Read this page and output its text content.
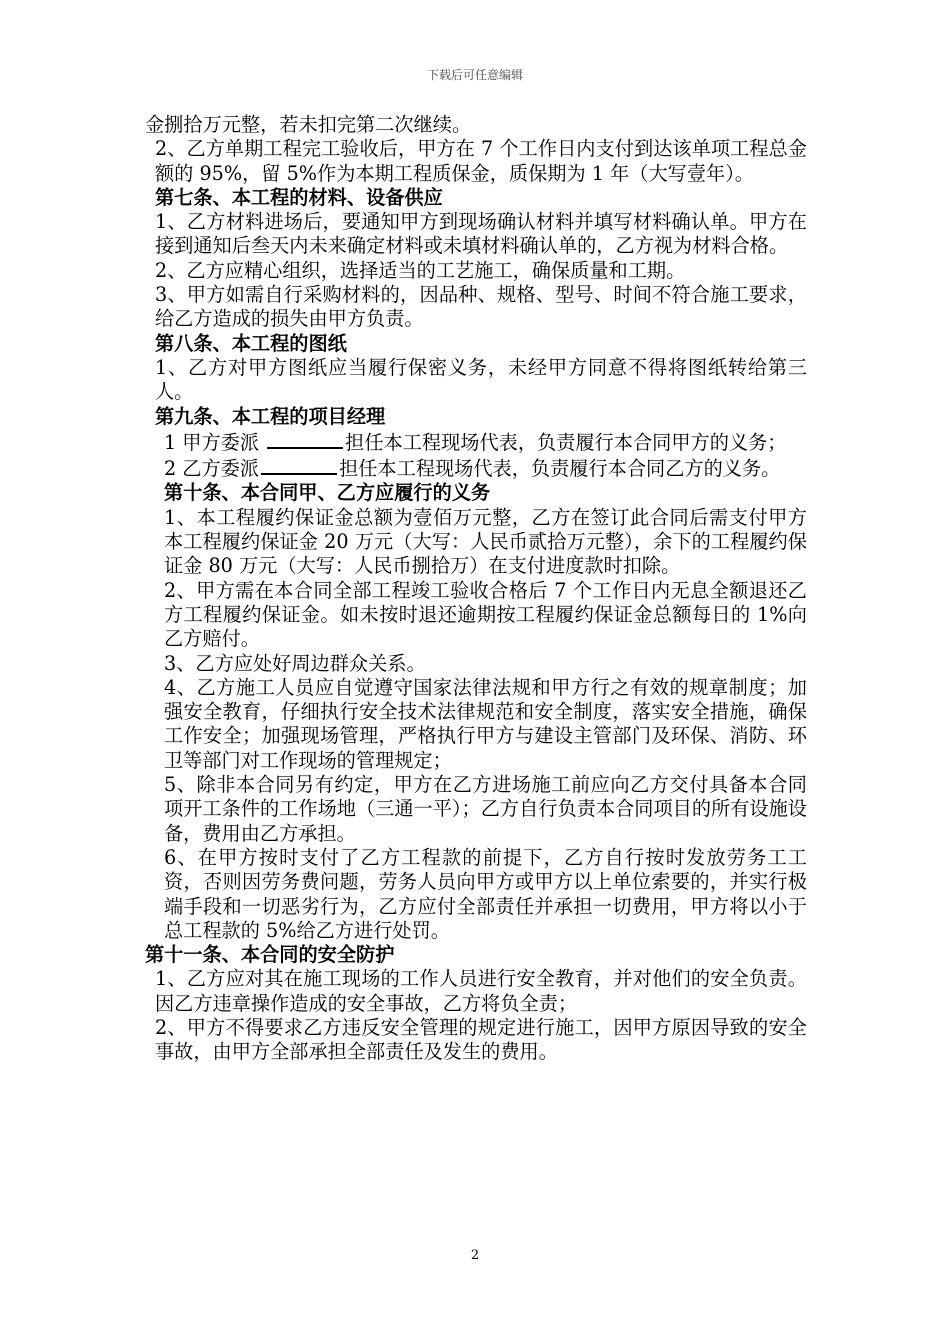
下载后可任意编辑

金捌拾万元整，若未扣完第二次继续。

2、乙方单期工程完工验收后，甲方在 7 个工作日内支付到达该单项工程总金额的 95%，留 5%作为本期工程质保金，质保期为 1 年（大写壹年）。

第七条、本工程的材料、设备供应

1、乙方材料进场后，要通知甲方到现场确认材料并填写材料确认单。甲方在接到通知后叁天内未来确定材料或未填材料确认单的，乙方视为材料合格。

2、乙方应精心组织，选择适当的工艺施工，确保质量和工期。

3、甲方如需自行采购材料的，因品种、规格、型号、时间不符合施工要求，给乙方造成的损失由甲方负责。

第八条、本工程的图纸

1、乙方对甲方图纸应当履行保密义务，未经甲方同意不得将图纸转给第三人。

第九条、本工程的项目经理

1 甲方委派	担任本工程现场代表，负责履行本合同甲方的义务；

2 乙方委派	担任本工程现场代表，负责履行本合同乙方的义务。

第十条、本合同甲、乙方应履行的义务

1、本工程履约保证金总额为壹佰万元整，乙方在签订此合同后需支付甲方本工程履约保证金 20 万元（大写：人民币贰拾万元整），余下的工程履约保证金 80 万元（大写：人民币捌拾万）在支付进度款时扣除。

2、甲方需在本合同全部工程竣工验收合格后 7 个工作日内无息全额退还乙方工程履约保证金。如未按时退还逾期按工程履约保证金总额每日的 1%向乙方赔付。

3、乙方应处好周边群众关系。

4、乙方施工人员应自觉遵守国家法律法规和甲方行之有效的规章制度；加强安全教育，仔细执行安全技术法律规范和安全制度，落实安全措施，确保工作安全；加强现场管理，严格执行甲方与建设主管部门及环保、消防、环卫等部门对工作现场的管理规定；

5、除非本合同另有约定，甲方在乙方进场施工前应向乙方交付具备本合同项开工条件的工作场地（三通一平）；乙方自行负责本合同项目的所有设施设备，费用由乙方承担。

6、在甲方按时支付了乙方工程款的前提下，乙方自行按时发放劳务工工资，否则因劳务费问题，劳务人员向甲方或甲方以上单位索要的，并实行极端手段和一切恶劣行为，乙方应付全部责任并承担一切费用，甲方将以小于总工程款的 5%给乙方进行处罚。

第十一条、本合同的安全防护

1、乙方应对其在施工现场的工作人员进行安全教育，并对他们的安全负责。因乙方违章操作造成的安全事故，乙方将负全责；

2、甲方不得要求乙方违反安全管理的规定进行施工，因甲方原因导致的安全事故，由甲方全部承担全部责任及发生的费用。

2
